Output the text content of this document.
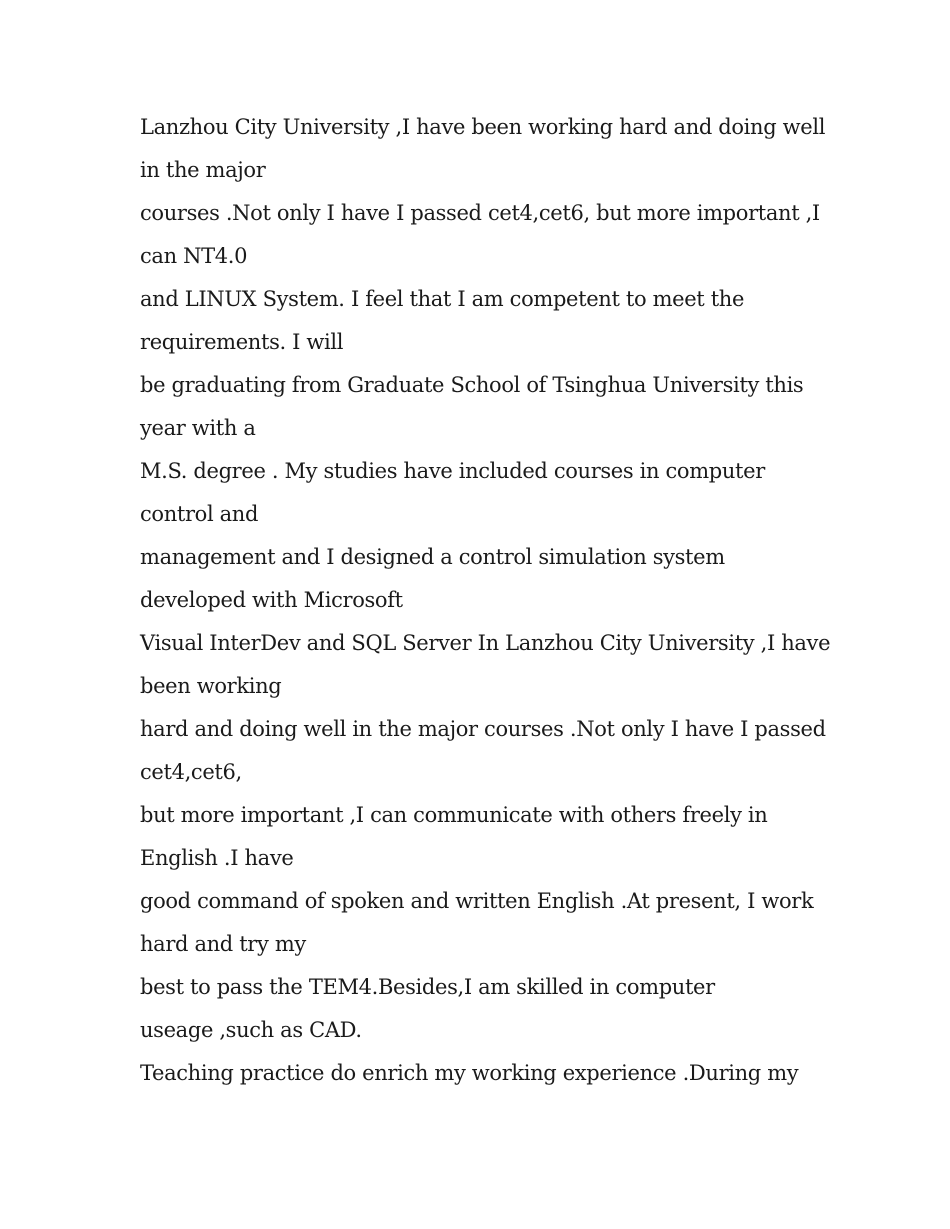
Lanzhou City University ,I have been working hard and doing well
in the major
courses .Not only I have I passed cet4,cet6, but more important ,I
can NT4.0
and LINUX System. I feel that I am competent to meet the
requirements. I will
be graduating from Graduate School of Tsinghua University this
year with a
M.S. degree . My studies have included courses in computer
control and
management and I designed a control simulation system
developed with Microsoft
Visual InterDev and SQL Server In Lanzhou City University ,I have
been working
hard and doing well in the major courses .Not only I have I passed
cet4,cet6,
but more important ,I can communicate with others freely in
English .I have
good command of spoken and written English .At present, I work
hard and try my
best to pass the TEM4.Besides,I am skilled in computer
useage ,such as CAD.
Teaching practice do enrich my working experience .During my
